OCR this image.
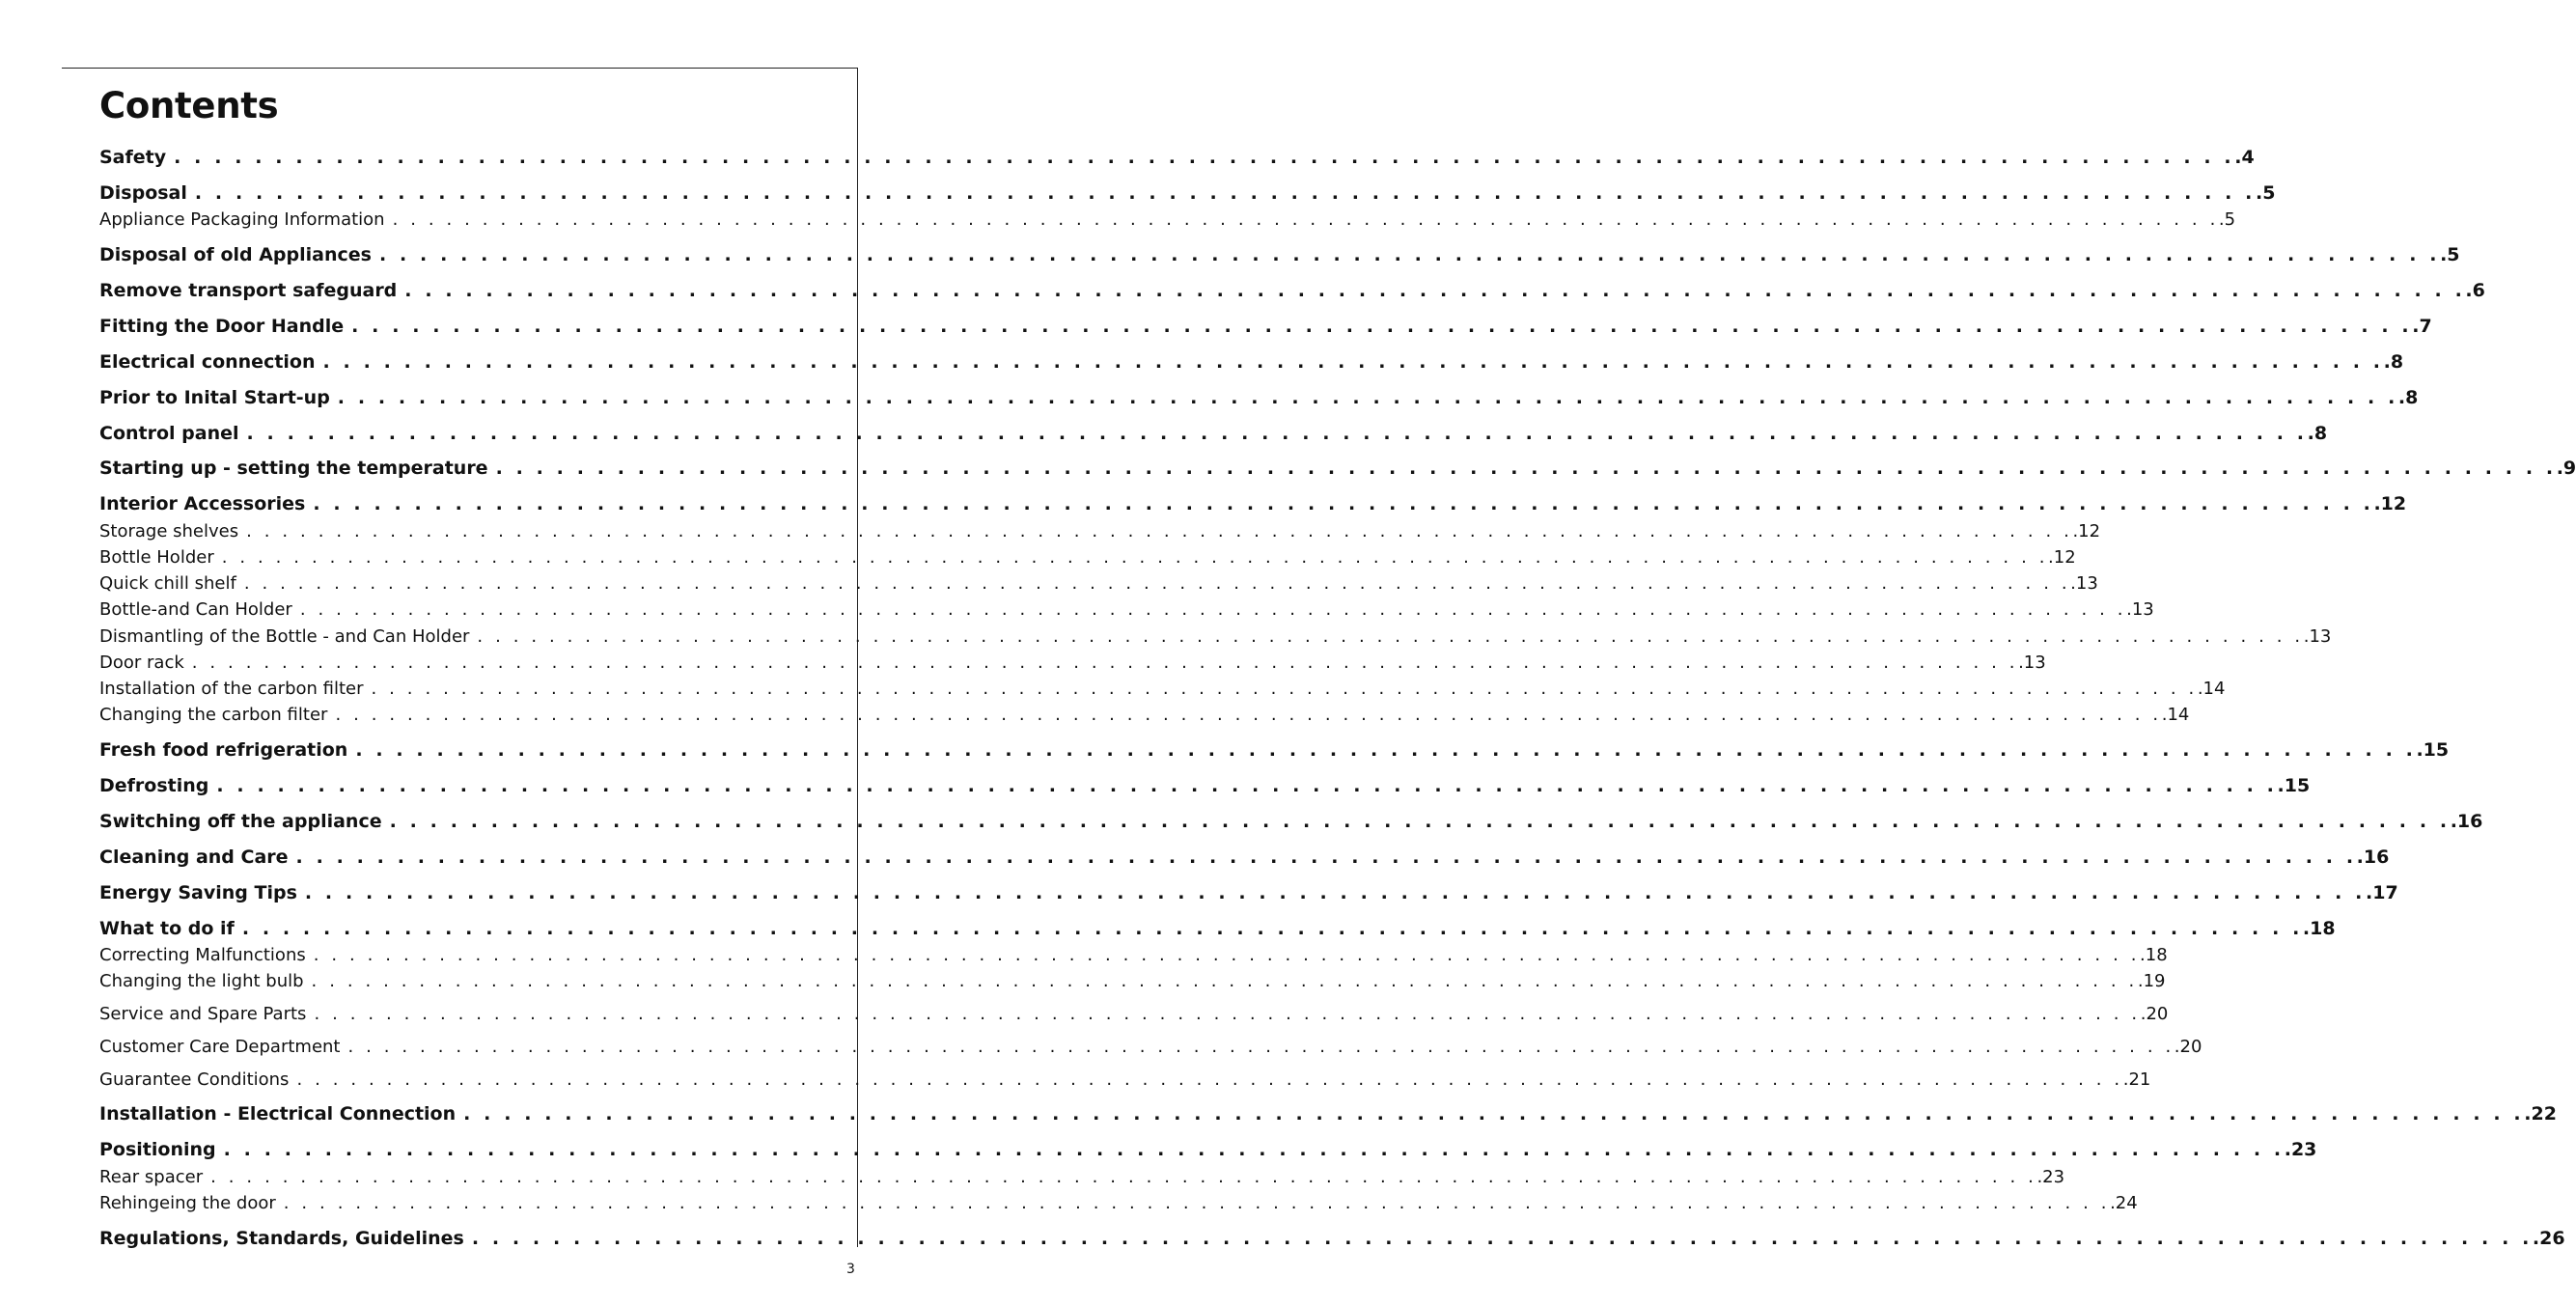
Contents
Safety . . . . . . . . . . . . . . . . . . . . . . . . . . . . . . . . . . . . . . . . . . . . . . . . . . . . . . . . . . . . . . . . . . . . . . . . . . . . . . . . . . . . . . . . . . . . . . . . . . . . . . .4
Disposal . . . . . . . . . . . . . . . . . . . . . . . . . . . . . . . . . . . . . . . . . . . . . . . . . . . . . . . . . . . . . . . . . . . . . . . . . . . . . . . . . . . . . . . . . . . . . . . . . . . . . . .5
Appliance Packaging Information . . . . . . . . . . . . . . . . . . . . . . . . . . . . . . . . . . . . . . . . . . . . . . . . . . . . . . . . . . . . . . . . . . . . . . . . . . . . . . . . . . . . . . . . . . . . . . . . . . . . . . .5
Disposal of old Appliances . . . . . . . . . . . . . . . . . . . . . . . . . . . . . . . . . . . . . . . . . . . . . . . . . . . . . . . . . . . . . . . . . . . . . . . . . . . . . . . . . . . . . . . . . . . . . . . . . . . . . . .5
Remove transport safeguard . . . . . . . . . . . . . . . . . . . . . . . . . . . . . . . . . . . . . . . . . . . . . . . . . . . . . . . . . . . . . . . . . . . . . . . . . . . . . . . . . . . . . . . . . . . . . . . . . . . . . . .6
Fitting the Door Handle . . . . . . . . . . . . . . . . . . . . . . . . . . . . . . . . . . . . . . . . . . . . . . . . . . . . . . . . . . . . . . . . . . . . . . . . . . . . . . . . . . . . . . . . . . . . . . . . . . . . . . .7
Electrical connection . . . . . . . . . . . . . . . . . . . . . . . . . . . . . . . . . . . . . . . . . . . . . . . . . . . . . . . . . . . . . . . . . . . . . . . . . . . . . . . . . . . . . . . . . . . . . . . . . . . . . . .8
Prior to Inital Start-up . . . . . . . . . . . . . . . . . . . . . . . . . . . . . . . . . . . . . . . . . . . . . . . . . . . . . . . . . . . . . . . . . . . . . . . . . . . . . . . . . . . . . . . . . . . . . . . . . . . . . . .8
Control panel . . . . . . . . . . . . . . . . . . . . . . . . . . . . . . . . . . . . . . . . . . . . . . . . . . . . . . . . . . . . . . . . . . . . . . . . . . . . . . . . . . . . . . . . . . . . . . . . . . . . . . .8
Starting up - setting the temperature . . . . . . . . . . . . . . . . . . . . . . . . . . . . . . . . . . . . . . . . . . . . . . . . . . . . . . . . . . . . . . . . . . . . . . . . . . . . . . . . . . . . . . . . . . . . . . . . . . . . . . .9
Interior Accessories . . . . . . . . . . . . . . . . . . . . . . . . . . . . . . . . . . . . . . . . . . . . . . . . . . . . . . . . . . . . . . . . . . . . . . . . . . . . . . . . . . . . . . . . . . . . . . . . . . . . . . .12
Storage shelves . . . . . . . . . . . . . . . . . . . . . . . . . . . . . . . . . . . . . . . . . . . . . . . . . . . . . . . . . . . . . . . . . . . . . . . . . . . . . . . . . . . . . . . . . . . . . . . . . . . . . . .12
Bottle Holder . . . . . . . . . . . . . . . . . . . . . . . . . . . . . . . . . . . . . . . . . . . . . . . . . . . . . . . . . . . . . . . . . . . . . . . . . . . . . . . . . . . . . . . . . . . . . . . . . . . . . . .12
Quick chill shelf . . . . . . . . . . . . . . . . . . . . . . . . . . . . . . . . . . . . . . . . . . . . . . . . . . . . . . . . . . . . . . . . . . . . . . . . . . . . . . . . . . . . . . . . . . . . . . . . . . . . . . .13
Bottle-and Can Holder . . . . . . . . . . . . . . . . . . . . . . . . . . . . . . . . . . . . . . . . . . . . . . . . . . . . . . . . . . . . . . . . . . . . . . . . . . . . . . . . . . . . . . . . . . . . . . . . . . . . . . .13
Dismantling of the Bottle - and Can Holder . . . . . . . . . . . . . . . . . . . . . . . . . . . . . . . . . . . . . . . . . . . . . . . . . . . . . . . . . . . . . . . . . . . . . . . . . . . . . . . . . . . . . . . . . . . . . . . . . . . . . . .13
Door rack . . . . . . . . . . . . . . . . . . . . . . . . . . . . . . . . . . . . . . . . . . . . . . . . . . . . . . . . . . . . . . . . . . . . . . . . . . . . . . . . . . . . . . . . . . . . . . . . . . . . . . .13
Installation of the carbon filter . . . . . . . . . . . . . . . . . . . . . . . . . . . . . . . . . . . . . . . . . . . . . . . . . . . . . . . . . . . . . . . . . . . . . . . . . . . . . . . . . . . . . . . . . . . . . . . . . . . . . . .14
Changing the carbon filter . . . . . . . . . . . . . . . . . . . . . . . . . . . . . . . . . . . . . . . . . . . . . . . . . . . . . . . . . . . . . . . . . . . . . . . . . . . . . . . . . . . . . . . . . . . . . . . . . . . . . . .14
Fresh food refrigeration . . . . . . . . . . . . . . . . . . . . . . . . . . . . . . . . . . . . . . . . . . . . . . . . . . . . . . . . . . . . . . . . . . . . . . . . . . . . . . . . . . . . . . . . . . . . . . . . . . . . . . .15
Defrosting . . . . . . . . . . . . . . . . . . . . . . . . . . . . . . . . . . . . . . . . . . . . . . . . . . . . . . . . . . . . . . . . . . . . . . . . . . . . . . . . . . . . . . . . . . . . . . . . . . . . . . .15
Switching off the appliance . . . . . . . . . . . . . . . . . . . . . . . . . . . . . . . . . . . . . . . . . . . . . . . . . . . . . . . . . . . . . . . . . . . . . . . . . . . . . . . . . . . . . . . . . . . . . . . . . . . . . . .16
Cleaning and Care . . . . . . . . . . . . . . . . . . . . . . . . . . . . . . . . . . . . . . . . . . . . . . . . . . . . . . . . . . . . . . . . . . . . . . . . . . . . . . . . . . . . . . . . . . . . . . . . . . . . . . .16
Energy Saving Tips . . . . . . . . . . . . . . . . . . . . . . . . . . . . . . . . . . . . . . . . . . . . . . . . . . . . . . . . . . . . . . . . . . . . . . . . . . . . . . . . . . . . . . . . . . . . . . . . . . . . . . .17
What to do if . . . . . . . . . . . . . . . . . . . . . . . . . . . . . . . . . . . . . . . . . . . . . . . . . . . . . . . . . . . . . . . . . . . . . . . . . . . . . . . . . . . . . . . . . . . . . . . . . . . . . . .18
Correcting Malfunctions . . . . . . . . . . . . . . . . . . . . . . . . . . . . . . . . . . . . . . . . . . . . . . . . . . . . . . . . . . . . . . . . . . . . . . . . . . . . . . . . . . . . . . . . . . . . . . . . . . . . . . .18
Changing the light bulb . . . . . . . . . . . . . . . . . . . . . . . . . . . . . . . . . . . . . . . . . . . . . . . . . . . . . . . . . . . . . . . . . . . . . . . . . . . . . . . . . . . . . . . . . . . . . . . . . . . . . . .19
Service and Spare Parts . . . . . . . . . . . . . . . . . . . . . . . . . . . . . . . . . . . . . . . . . . . . . . . . . . . . . . . . . . . . . . . . . . . . . . . . . . . . . . . . . . . . . . . . . . . . . . . . . . . . . . .20
Customer Care Department . . . . . . . . . . . . . . . . . . . . . . . . . . . . . . . . . . . . . . . . . . . . . . . . . . . . . . . . . . . . . . . . . . . . . . . . . . . . . . . . . . . . . . . . . . . . . . . . . . . . . . .20
Guarantee Conditions . . . . . . . . . . . . . . . . . . . . . . . . . . . . . . . . . . . . . . . . . . . . . . . . . . . . . . . . . . . . . . . . . . . . . . . . . . . . . . . . . . . . . . . . . . . . . . . . . . . . . . .21
Installation - Electrical Connection . . . . . . . . . . . . . . . . . . . . . . . . . . . . . . . . . . . . . . . . . . . . . . . . . . . . . . . . . . . . . . . . . . . . . . . . . . . . . . . . . . . . . . . . . . . . . . . . . . . . . . .22
Positioning . . . . . . . . . . . . . . . . . . . . . . . . . . . . . . . . . . . . . . . . . . . . . . . . . . . . . . . . . . . . . . . . . . . . . . . . . . . . . . . . . . . . . . . . . . . . . . . . . . . . . . .23
Rear spacer . . . . . . . . . . . . . . . . . . . . . . . . . . . . . . . . . . . . . . . . . . . . . . . . . . . . . . . . . . . . . . . . . . . . . . . . . . . . . . . . . . . . . . . . . . . . . . . . . . . . . . .23
Rehingeing the door . . . . . . . . . . . . . . . . . . . . . . . . . . . . . . . . . . . . . . . . . . . . . . . . . . . . . . . . . . . . . . . . . . . . . . . . . . . . . . . . . . . . . . . . . . . . . . . . . . . . . . .24
Regulations, Standards, Guidelines . . . . . . . . . . . . . . . . . . . . . . . . . . . . . . . . . . . . . . . . . . . . . . . . . . . . . . . . . . . . . . . . . . . . . . . . . . . . . . . . . . . . . . . . . . . . . . . . . . . . . . .26
3
